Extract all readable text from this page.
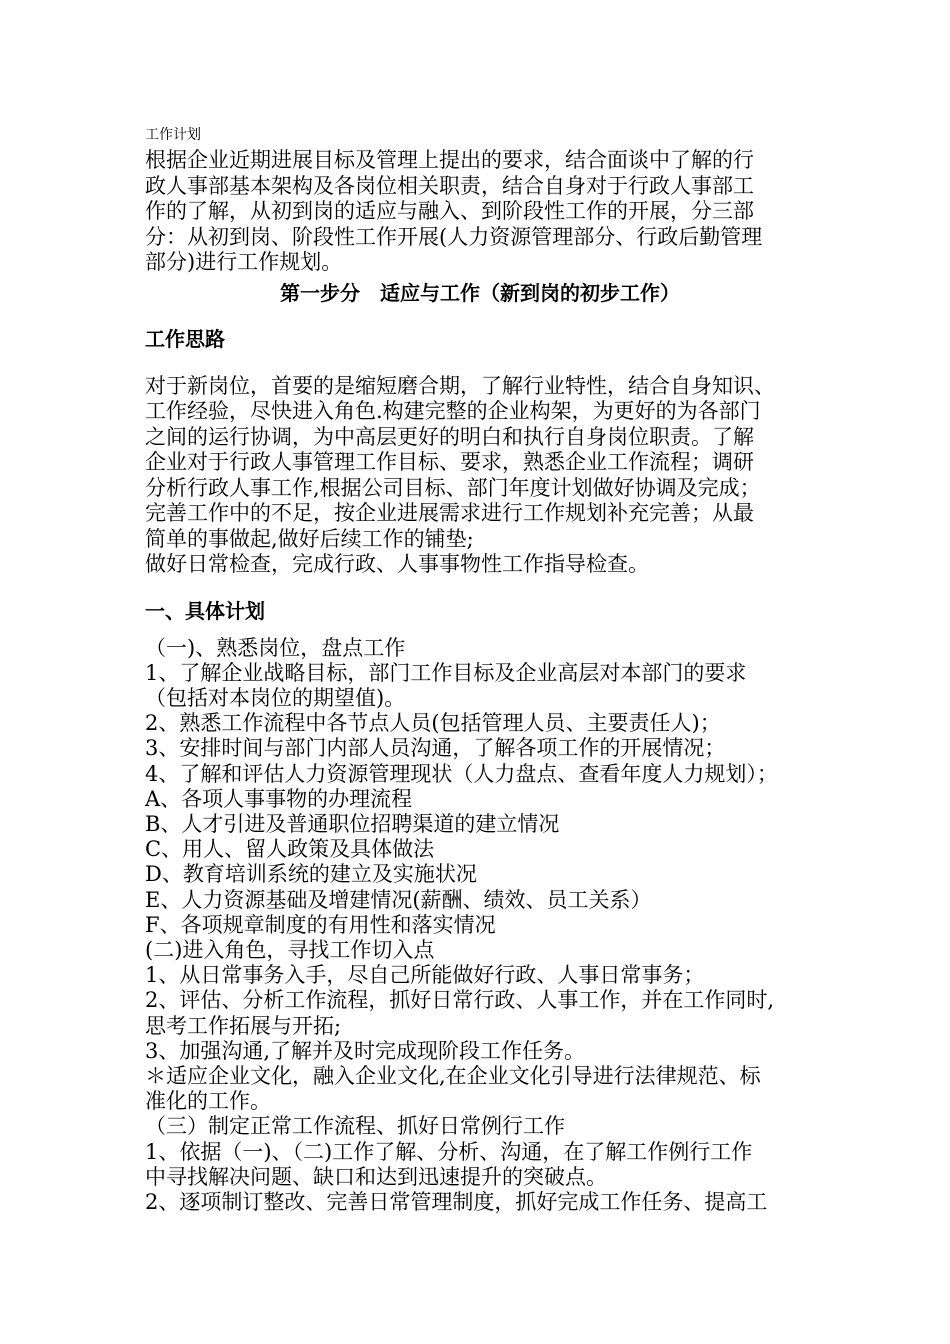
工作计划
根据企业近期进展目标及管理上提出的要求，结合面谈中了解的行
政人事部基本架构及各岗位相关职责，结合自身对于行政人事部工
作的了解，从初到岗的适应与融入、到阶段性工作的开展，分三部
分：从初到岗、阶段性工作开展(人力资源管理部分、行政后勤管理
部分)进行工作规划。
第一步分　适应与工作（新到岗的初步工作）
工作思路
对于新岗位，首要的是缩短磨合期，了解行业特性，结合自身知识、
工作经验，尽快进入角色.构建完整的企业构架，为更好的为各部门
之间的运行协调，为中高层更好的明白和执行自身岗位职责。了解
企业对于行政人事管理工作目标、要求，熟悉企业工作流程；调研
分析行政人事工作,根据公司目标、部门年度计划做好协调及完成；
完善工作中的不足，按企业进展需求进行工作规划补充完善；从最
简单的事做起,做好后续工作的铺垫;
做好日常检查，完成行政、人事事物性工作指导检查。
一、具体计划
（一)、熟悉岗位，盘点工作
1、了解企业战略目标，部门工作目标及企业高层对本部门的要求
（包括对本岗位的期望值)。
2、熟悉工作流程中各节点人员(包括管理人员、主要责任人)；
3、安排时间与部门内部人员沟通，了解各项工作的开展情况；
4、了解和评估人力资源管理现状（人力盘点、查看年度人力规划）；
A、各项人事事物的办理流程
B、人才引进及普通职位招聘渠道的建立情况
C、用人、留人政策及具体做法
D、教育培训系统的建立及实施状况
E、人力资源基础及增建情况(薪酬、绩效、员工关系）
F、各项规章制度的有用性和落实情况
(二)进入角色，寻找工作切入点
1、从日常事务入手，尽自己所能做好行政、人事日常事务；
2、评估、分析工作流程，抓好日常行政、人事工作，并在工作同时,
思考工作拓展与开拓;
3、加强沟通,了解并及时完成现阶段工作任务。
＊适应企业文化，融入企业文化,在企业文化引导进行法律规范、标
准化的工作。
（三）制定正常工作流程、抓好日常例行工作
1、依据（一)、（二)工作了解、分析、沟通，在了解工作例行工作
中寻找解决问题、缺口和达到迅速提升的突破点。
2、逐项制订整改、完善日常管理制度，抓好完成工作任务、提高工
